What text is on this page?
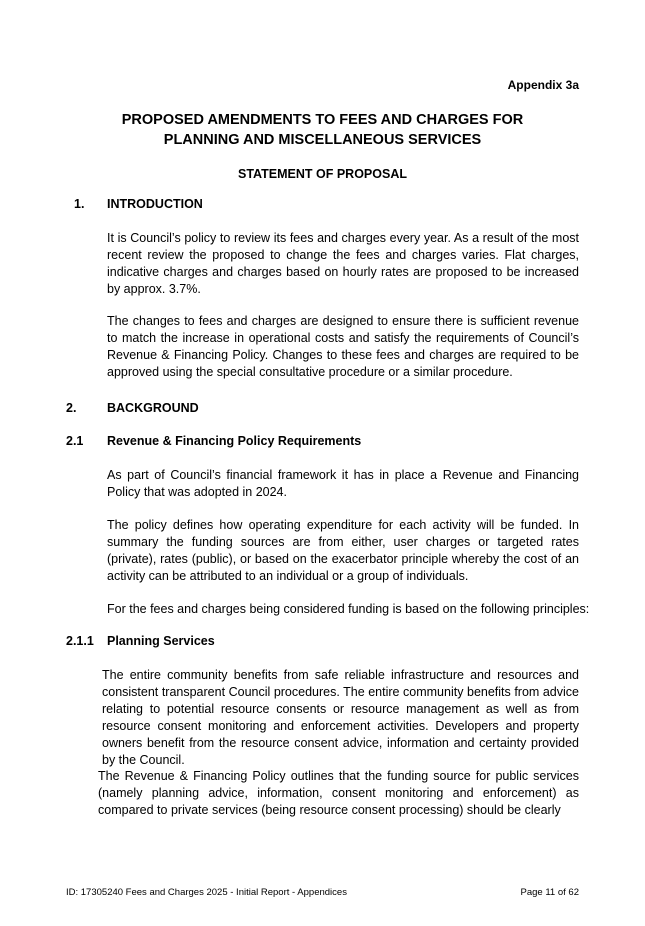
Appendix 3a
PROPOSED AMENDMENTS TO FEES AND CHARGES FOR
PLANNING AND MISCELLANEOUS SERVICES
STATEMENT OF PROPOSAL
1. INTRODUCTION
It is Council’s policy to review its fees and charges every year. As a result of the most recent review the proposed to change the fees and charges varies. Flat charges, indicative charges and charges based on hourly rates are proposed to be increased by approx. 3.7%.
The changes to fees and charges are designed to ensure there is sufficient revenue to match the increase in operational costs and satisfy the requirements of Council’s Revenue & Financing Policy. Changes to these fees and charges are required to be approved using the special consultative procedure or a similar procedure.
2. BACKGROUND
2.1 Revenue & Financing Policy Requirements
As part of Council’s financial framework it has in place a Revenue and Financing Policy that was adopted in 2024.
The policy defines how operating expenditure for each activity will be funded. In summary the funding sources are from either, user charges or targeted rates (private), rates (public), or based on the exacerbator principle whereby the cost of an activity can be attributed to an individual or a group of individuals.
For the fees and charges being considered funding is based on the following principles:
2.1.1 Planning Services
The entire community benefits from safe reliable infrastructure and resources and consistent transparent Council procedures. The entire community benefits from advice relating to potential resource consents or resource management as well as from resource consent monitoring and enforcement activities. Developers and property owners benefit from the resource consent advice, information and certainty provided by the Council.
The Revenue & Financing Policy outlines that the funding source for public services (namely planning advice, information, consent monitoring and enforcement) as compared to private services (being resource consent processing) should be clearly
ID: 17305240 Fees and Charges 2025 - Initial Report - Appendices	Page 11 of 62
